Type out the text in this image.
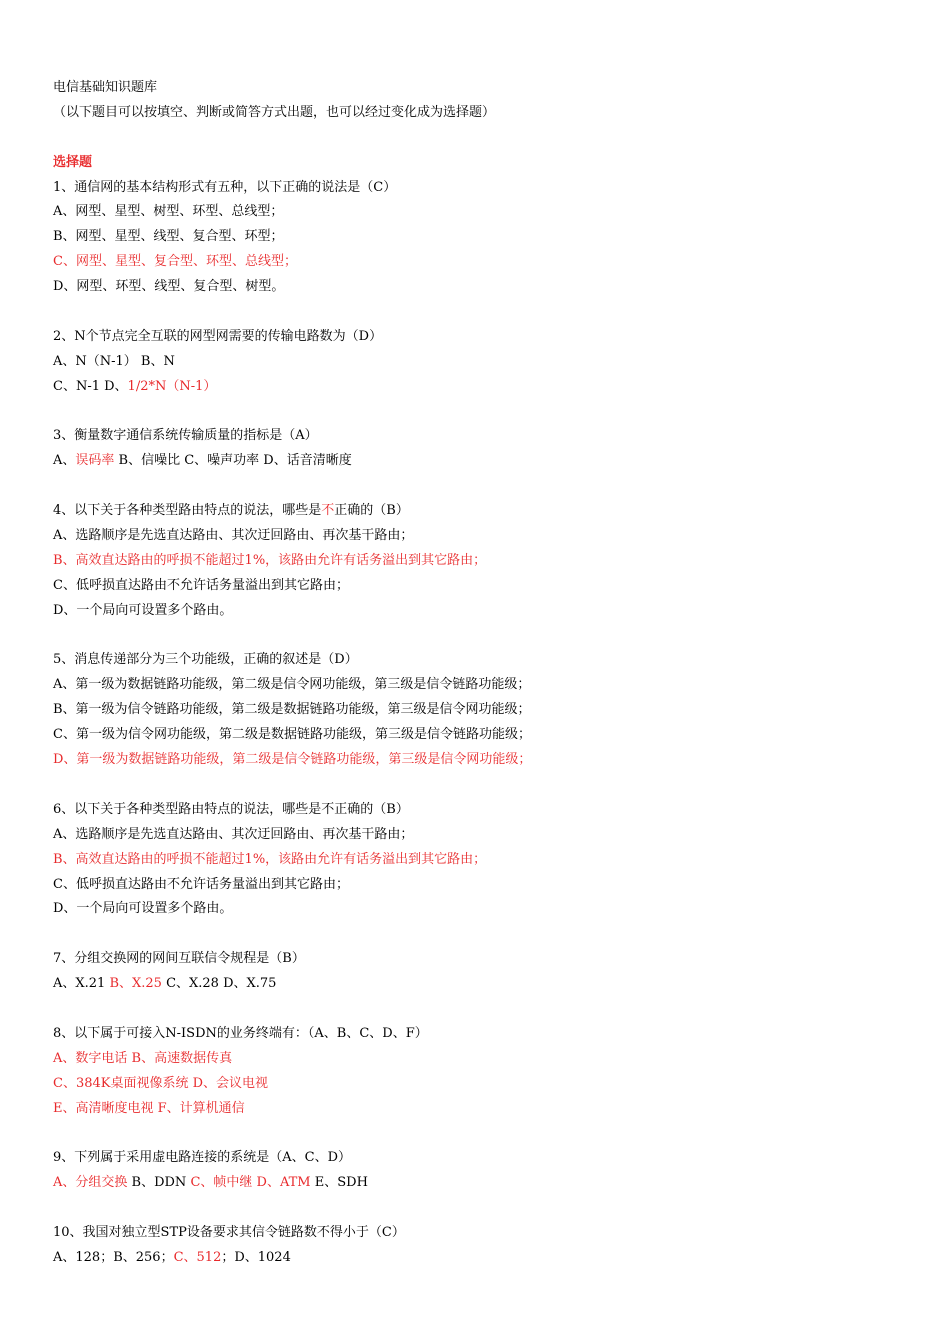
电信基础知识题库
（以下题目可以按填空、判断或简答方式出题，也可以经过变化成为选择题）
选择题
1、通信网的基本结构形式有五种，以下正确的说法是（C）
A、网型、星型、树型、环型、总线型；
B、网型、星型、线型、复合型、环型；
C、网型、星型、复合型、环型、总线型；
D、网型、环型、线型、复合型、树型。
2、N个节点完全互联的网型网需要的传输电路数为（D）
A、N（N-1） B、N
C、N-1 D、1/2*N（N-1）
3、衡量数字通信系统传输质量的指标是（A）
A、误码率 B、信噪比 C、噪声功率 D、话音清晰度
4、以下关于各种类型路由特点的说法，哪些是不正确的（B）
A、选路顺序是先选直达路由、其次迂回路由、再次基干路由；
B、高效直达路由的呼损不能超过1%，该路由允许有话务溢出到其它路由；
C、低呼损直达路由不允许话务量溢出到其它路由；
D、一个局向可设置多个路由。
5、消息传递部分为三个功能级，正确的叙述是（D）
A、第一级为数据链路功能级，第二级是信令网功能级，第三级是信令链路功能级；
B、第一级为信令链路功能级，第二级是数据链路功能级，第三级是信令网功能级；
C、第一级为信令网功能级，第二级是数据链路功能级，第三级是信令链路功能级；
D、第一级为数据链路功能级，第二级是信令链路功能级，第三级是信令网功能级；
6、以下关于各种类型路由特点的说法，哪些是不正确的（B）
A、选路顺序是先选直达路由、其次迂回路由、再次基干路由；
B、高效直达路由的呼损不能超过1%，该路由允许有话务溢出到其它路由；
C、低呼损直达路由不允许话务量溢出到其它路由；
D、一个局向可设置多个路由。
7、分组交换网的网间互联信令规程是（B）
A、X.21 B、X.25 C、X.28 D、X.75
8、以下属于可接入N-ISDN的业务终端有：（A、B、C、D、F）
A、数字电话 B、高速数据传真
C、384K桌面视像系统 D、会议电视
E、高清晰度电视 F、计算机通信
9、下列属于采用虚电路连接的系统是（A、C、D）
A、分组交换 B、DDN C、帧中继 D、ATM E、SDH
10、我国对独立型STP设备要求其信令链路数不得小于（C）
A、128；B、256；C、512；D、1024
